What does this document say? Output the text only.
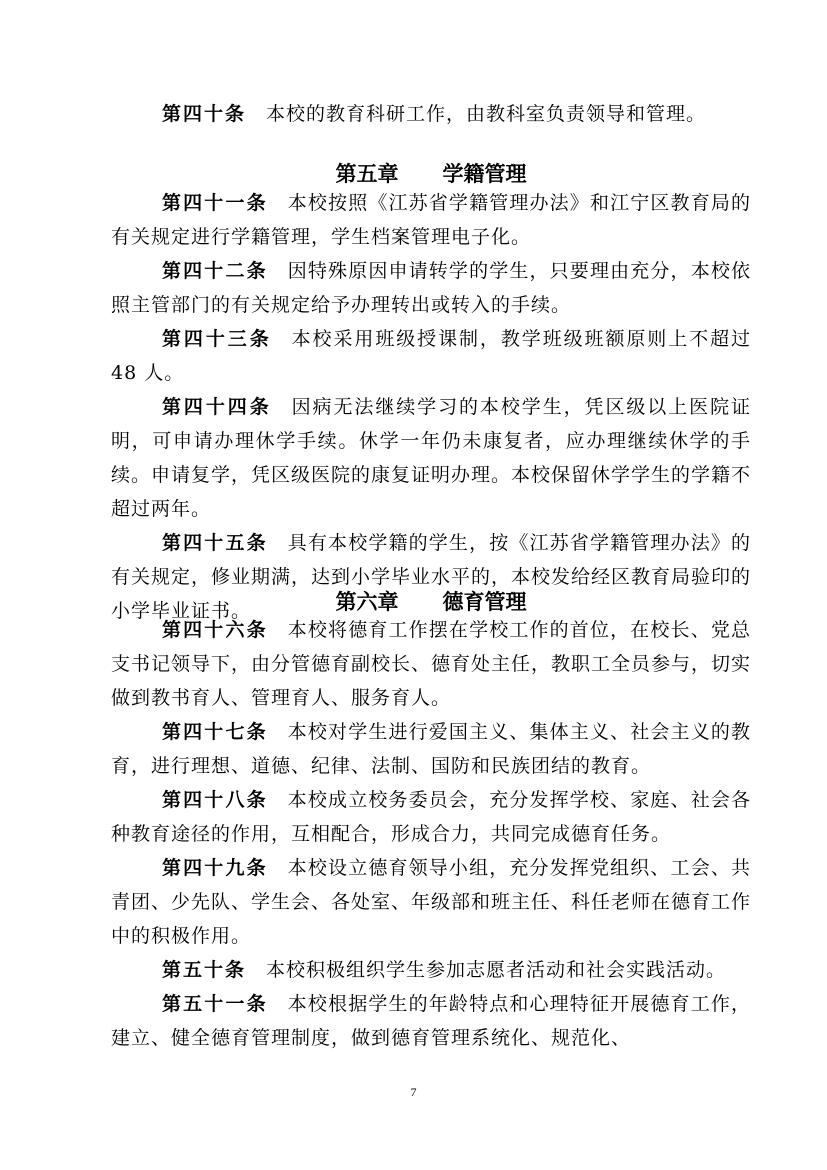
第四十条 本校的教育科研工作，由教科室负责领导和管理。

第五章 学籍管理

第四十一条 本校按照《江苏省学籍管理办法》和江宁区教育局的有关规定进行学籍管理，学生档案管理电子化。

第四十二条 因特殊原因申请转学的学生，只要理由充分，本校依照主管部门的有关规定给予办理转出或转入的手续。

第四十三条 本校采用班级授课制，教学班级班额原则上不超过 48 人。

第四十四条 因病无法继续学习的本校学生，凭区级以上医院证明，可申请办理休学手续。休学一年仍未康复者，应办理继续休学的手续。申请复学，凭区级医院的康复证明办理。本校保留休学学生的学籍不超过两年。

第四十五条 具有本校学籍的学生，按《江苏省学籍管理办法》的有关规定，修业期满，达到小学毕业水平的，本校发给经区教育局验印的小学毕业证书。	第六章 德育管理

第四十六条 本校将德育工作摆在学校工作的首位，在校长、党总支书记领导下，由分管德育副校长、德育处主任，教职工全员参与，切实做到教书育人、管理育人、服务育人。

第四十七条 本校对学生进行爱国主义、集体主义、社会主义的教育，进行理想、道德、纪律、法制、国防和民族团结的教育。

第四十八条 本校成立校务委员会，充分发挥学校、家庭、社会各种教育途径的作用，互相配合，形成合力，共同完成德育任务。

第四十九条 本校设立德育领导小组，充分发挥党组织、工会、共青团、少先队、学生会、各处室、年级部和班主任、科任老师在德育工作中的积极作用。

第五十条 本校积极组织学生参加志愿者活动和社会实践活动。

第五十一条 本校根据学生的年龄特点和心理特征开展德育工作，建立、健全德育管理制度，做到德育管理系统化、规范化、

7
